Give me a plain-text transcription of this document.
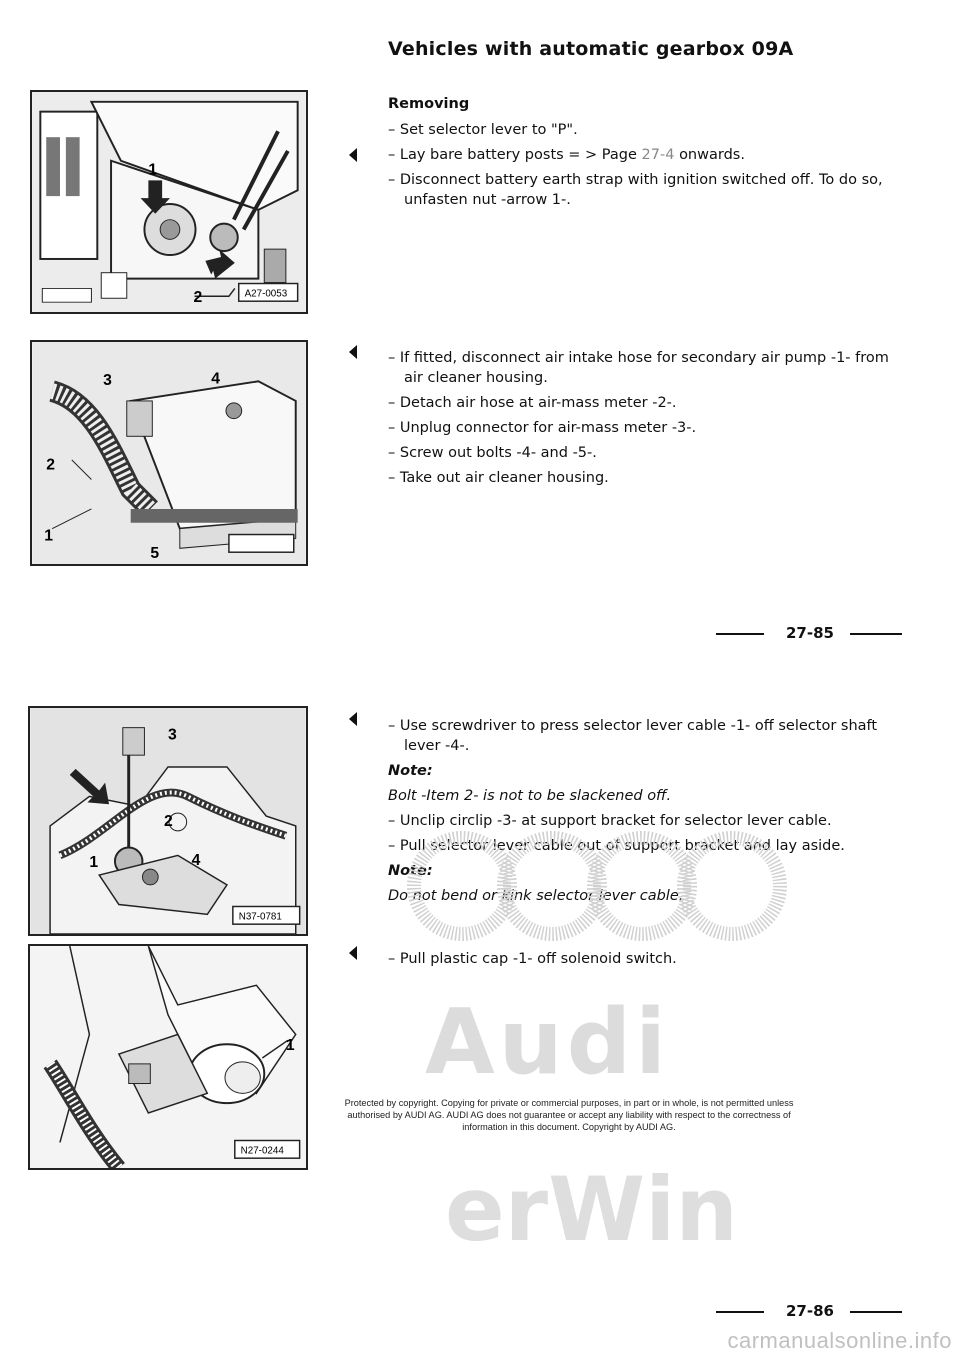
Vehicles with automatic gearbox 09A
1
2	A27-0053

Removing

– Set selector lever to "P".

– Lay bare battery posts = > Page 27-4 onwards.

– Disconnect battery earth strap with ignition switched off. To do so, unfasten nut -arrow 1-.

3	4
2
1
5

– If fitted, disconnect air intake hose for secondary air pump -1- from air cleaner housing.

– Detach air hose at air-mass meter -2-.

– Unplug connector for air-mass meter -3-.

– Screw out bolts -4- and -5-.

– Take out air cleaner housing.

27-85
3
2
1	4
N37-0781

– Use screwdriver to press selector lever cable -1- off selector shaft lever -4-.

Note:

Bolt -Item 2- is not to be slackened off.

– Unclip circlip -3- at support bracket for selector lever cable.

– Pull selector lever cable out of support bracket and lay aside.

Note:

Do not bend or kink selector lever cable.

1
N27-0244

– Pull plastic cap -1- off solenoid switch.

Audi
erWin
Protected by copyright. Copying for private or commercial purposes, in part or in whole, is not permitted unless authorised by AUDI AG. AUDI AG does not guarantee or accept any liability with respect to the correctness of information in this document. Copyright by AUDI AG.
27-86
carmanualsonline.info
